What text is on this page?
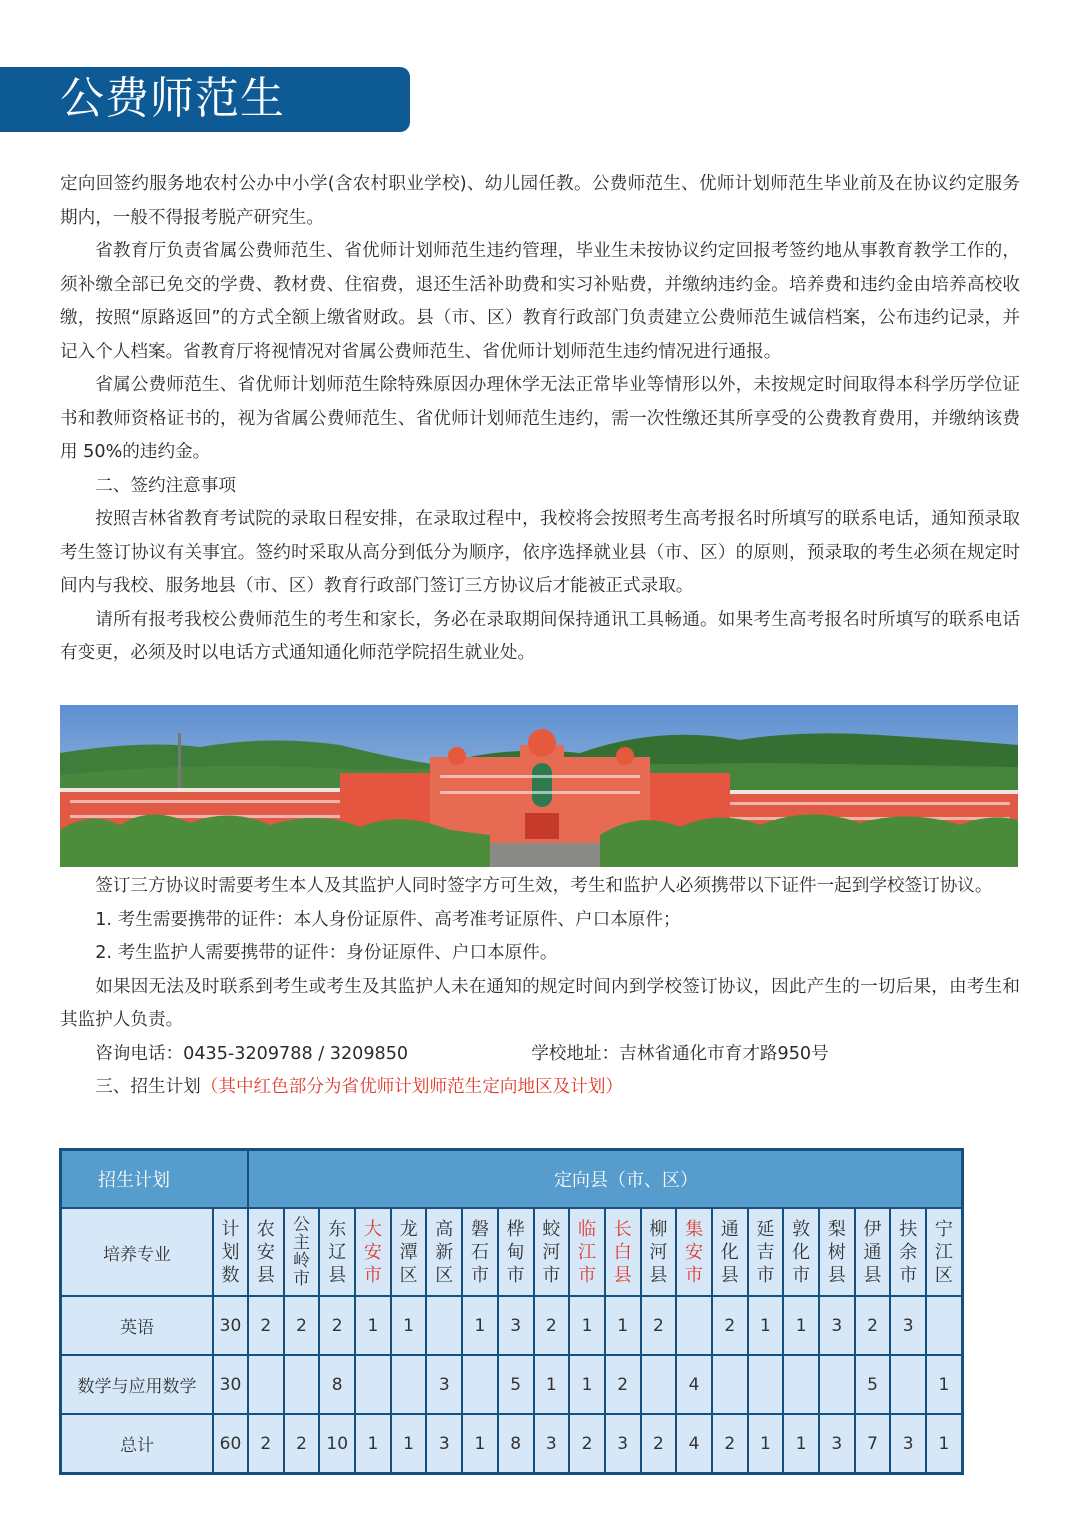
公费师范生

定向回签约服务地农村公办中小学(含农村职业学校)、幼儿园任教。公费师范生、优师计划师范生毕业前及在协议约定服务期内，一般不得报考脱产研究生。

省教育厅负责省属公费师范生、省优师计划师范生违约管理，毕业生未按协议约定回报考签约地从事教育教学工作的，须补缴全部已免交的学费、教材费、住宿费，退还生活补助费和实习补贴费，并缴纳违约金。培养费和违约金由培养高校收缴，按照“原路返回”的方式全额上缴省财政。县（市、区）教育行政部门负责建立公费师范生诚信档案，公布违约记录，并记入个人档案。省教育厅将视情况对省属公费师范生、省优师计划师范生违约情况进行通报。

省属公费师范生、省优师计划师范生除特殊原因办理休学无法正常毕业等情形以外，未按规定时间取得本科学历学位证书和教师资格证书的，视为省属公费师范生、省优师计划师范生违约，需一次性缴还其所享受的公费教育费用，并缴纳该费用 50%的违约金。

二、签约注意事项

按照吉林省教育考试院的录取日程安排，在录取过程中，我校将会按照考生高考报名时所填写的联系电话，通知预录取考生签订协议有关事宜。签约时采取从高分到低分为顺序，依序选择就业县（市、区）的原则，预录取的考生必须在规定时间内与我校、服务地县（市、区）教育行政部门签订三方协议后才能被正式录取。

请所有报考我校公费师范生的考生和家长，务必在录取期间保持通讯工具畅通。如果考生高考报名时所填写的联系电话有变更，必须及时以电话方式通知通化师范学院招生就业处。

签订三方协议时需要考生本人及其监护人同时签字方可生效，考生和监护人必须携带以下证件一起到学校签订协议。

1. 考生需要携带的证件：本人身份证原件、高考准考证原件、户口本原件；

2. 考生监护人需要携带的证件：身份证原件、户口本原件。

如果因无法及时联系到考生或考生及其监护人未在通知的规定时间内到学校签订协议，因此产生的一切后果，由考生和其监护人负责。

咨询电话：0435-3209788 / 3209850	学校地址：吉林省通化市育才路950号

三、招生计划（其中红色部分为省优师计划师范生定向地区及计划）

招生计划		定向县（市、区）																			
培养专业	计划数	农安县	公主岭市	东辽县	大安市	龙潭区	高新区	磐石市	桦甸市	蛟河市	临江市	长白县	柳河县	集安市	通化县	延吉市	敦化市	梨树县	伊通县	扶余市	宁江区
英语	30	2	2	2	1	1		1	3	2	1	1	2		2	1	1	3	2	3	
数学与应用数学	30			8			3		5	1	1	2		4					5		1
总计	60	2	2	10	1	1	3	1	8	3	2	3	2	4	2	1	1	3	7	3	1
